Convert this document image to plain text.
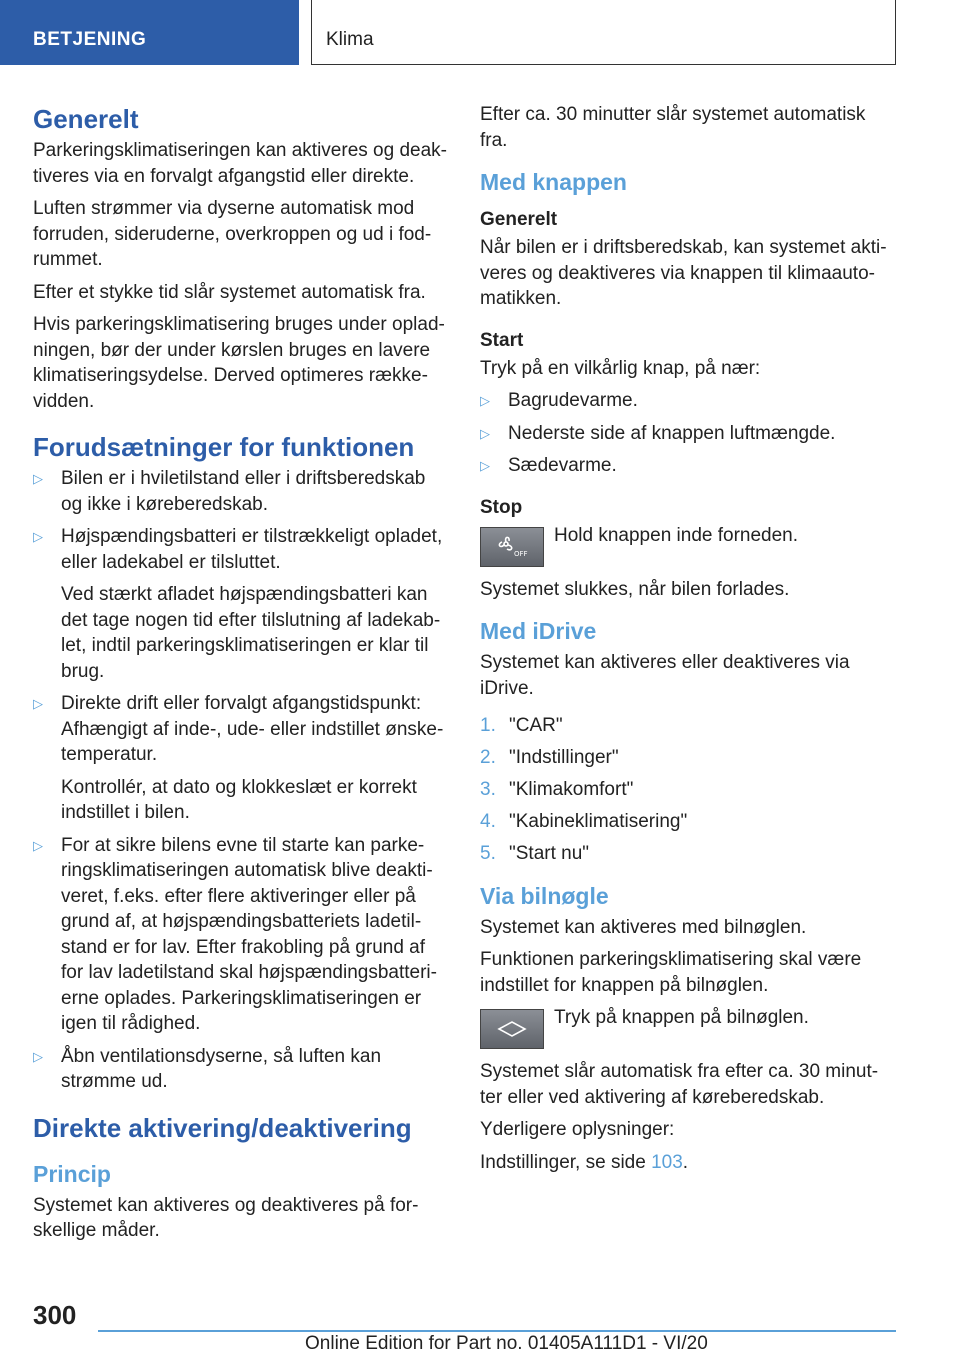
BETJENING	Klima
Generelt

Parkeringsklimatiseringen kan aktiveres og deak-tiveres via en forvalgt afgangstid eller direkte.

Luften strømmer via dyserne automatisk mod forruden, sideruderne, overkroppen og ud i fod-rummet.

Efter et stykke tid slår systemet automatisk fra.

Hvis parkeringsklimatisering bruges under oplad-ningen, bør der under kørslen bruges en lavere klimatiseringsydelse. Derved optimeres række-vidden.

Forudsætninger for funktionen
▷ Bilen er i hviletilstand eller i driftsberedskab og ikke i køreberedskab.

▷ Højspændingsbatteri er tilstrækkeligt opladet, eller ladekabel er tilsluttet.

Ved stærkt afladet højspændingsbatteri kan det tage nogen tid efter tilslutning af ladekab-let, indtil parkeringsklimatiseringen er klar til brug.

▷ Direkte drift eller forvalgt afgangstidspunkt: Afhængigt af inde-, ude- eller indstillet ønske-temperatur.

Kontrollér, at dato og klokkeslæt er korrekt indstillet i bilen.

▷ For at sikre bilens evne til starte kan parke-ringsklimatiseringen automatisk blive deakti-veret, f.eks. efter flere aktiveringer eller på grund af, at højspændingsbatteriets ladetil-stand er for lav. Efter frakobling på grund af for lav ladetilstand skal højspændingsbatteri-erne oplades. Parkeringsklimatiseringen er igen til rådighed.

▷ Åbn ventilationsdyserne, så luften kan strømme ud.

Direkte aktivering/deaktivering
Princip

Systemet kan aktiveres og deaktiveres på for-skellige måder.

Efter ca. 30 minutter slår systemet automatisk fra.

Med knappen
Generelt

Når bilen er i driftsberedskab, kan systemet akti-veres og deaktiveres via knappen til klimaauto-matikken.

Start

Tryk på en vilkårlig knap, på nær:

▷ Bagrudevarme.
▷ Nederste side af knappen luftmængde.
▷ Sædevarme.
Stop
OFF

Hold knappen inde forneden.

Systemet slukkes, når bilen forlades.

Med iDrive

Systemet kan aktiveres eller deaktiveres via iDrive.

1. "CAR"
2. "Indstillinger"
3. "Klimakomfort"
4. "Kabineklimatisering"
5. "Start nu"
Via bilnøgle

Systemet kan aktiveres med bilnøglen.

Funktionen parkeringsklimatisering skal være indstillet for knappen på bilnøglen.

Tryk på knappen på bilnøglen.

Systemet slår automatisk fra efter ca. 30 minut-ter eller ved aktivering af køreberedskab.

Yderligere oplysninger:

Indstillinger, se side 103.

300
Online Edition for Part no. 01405A111D1 - VI/20
